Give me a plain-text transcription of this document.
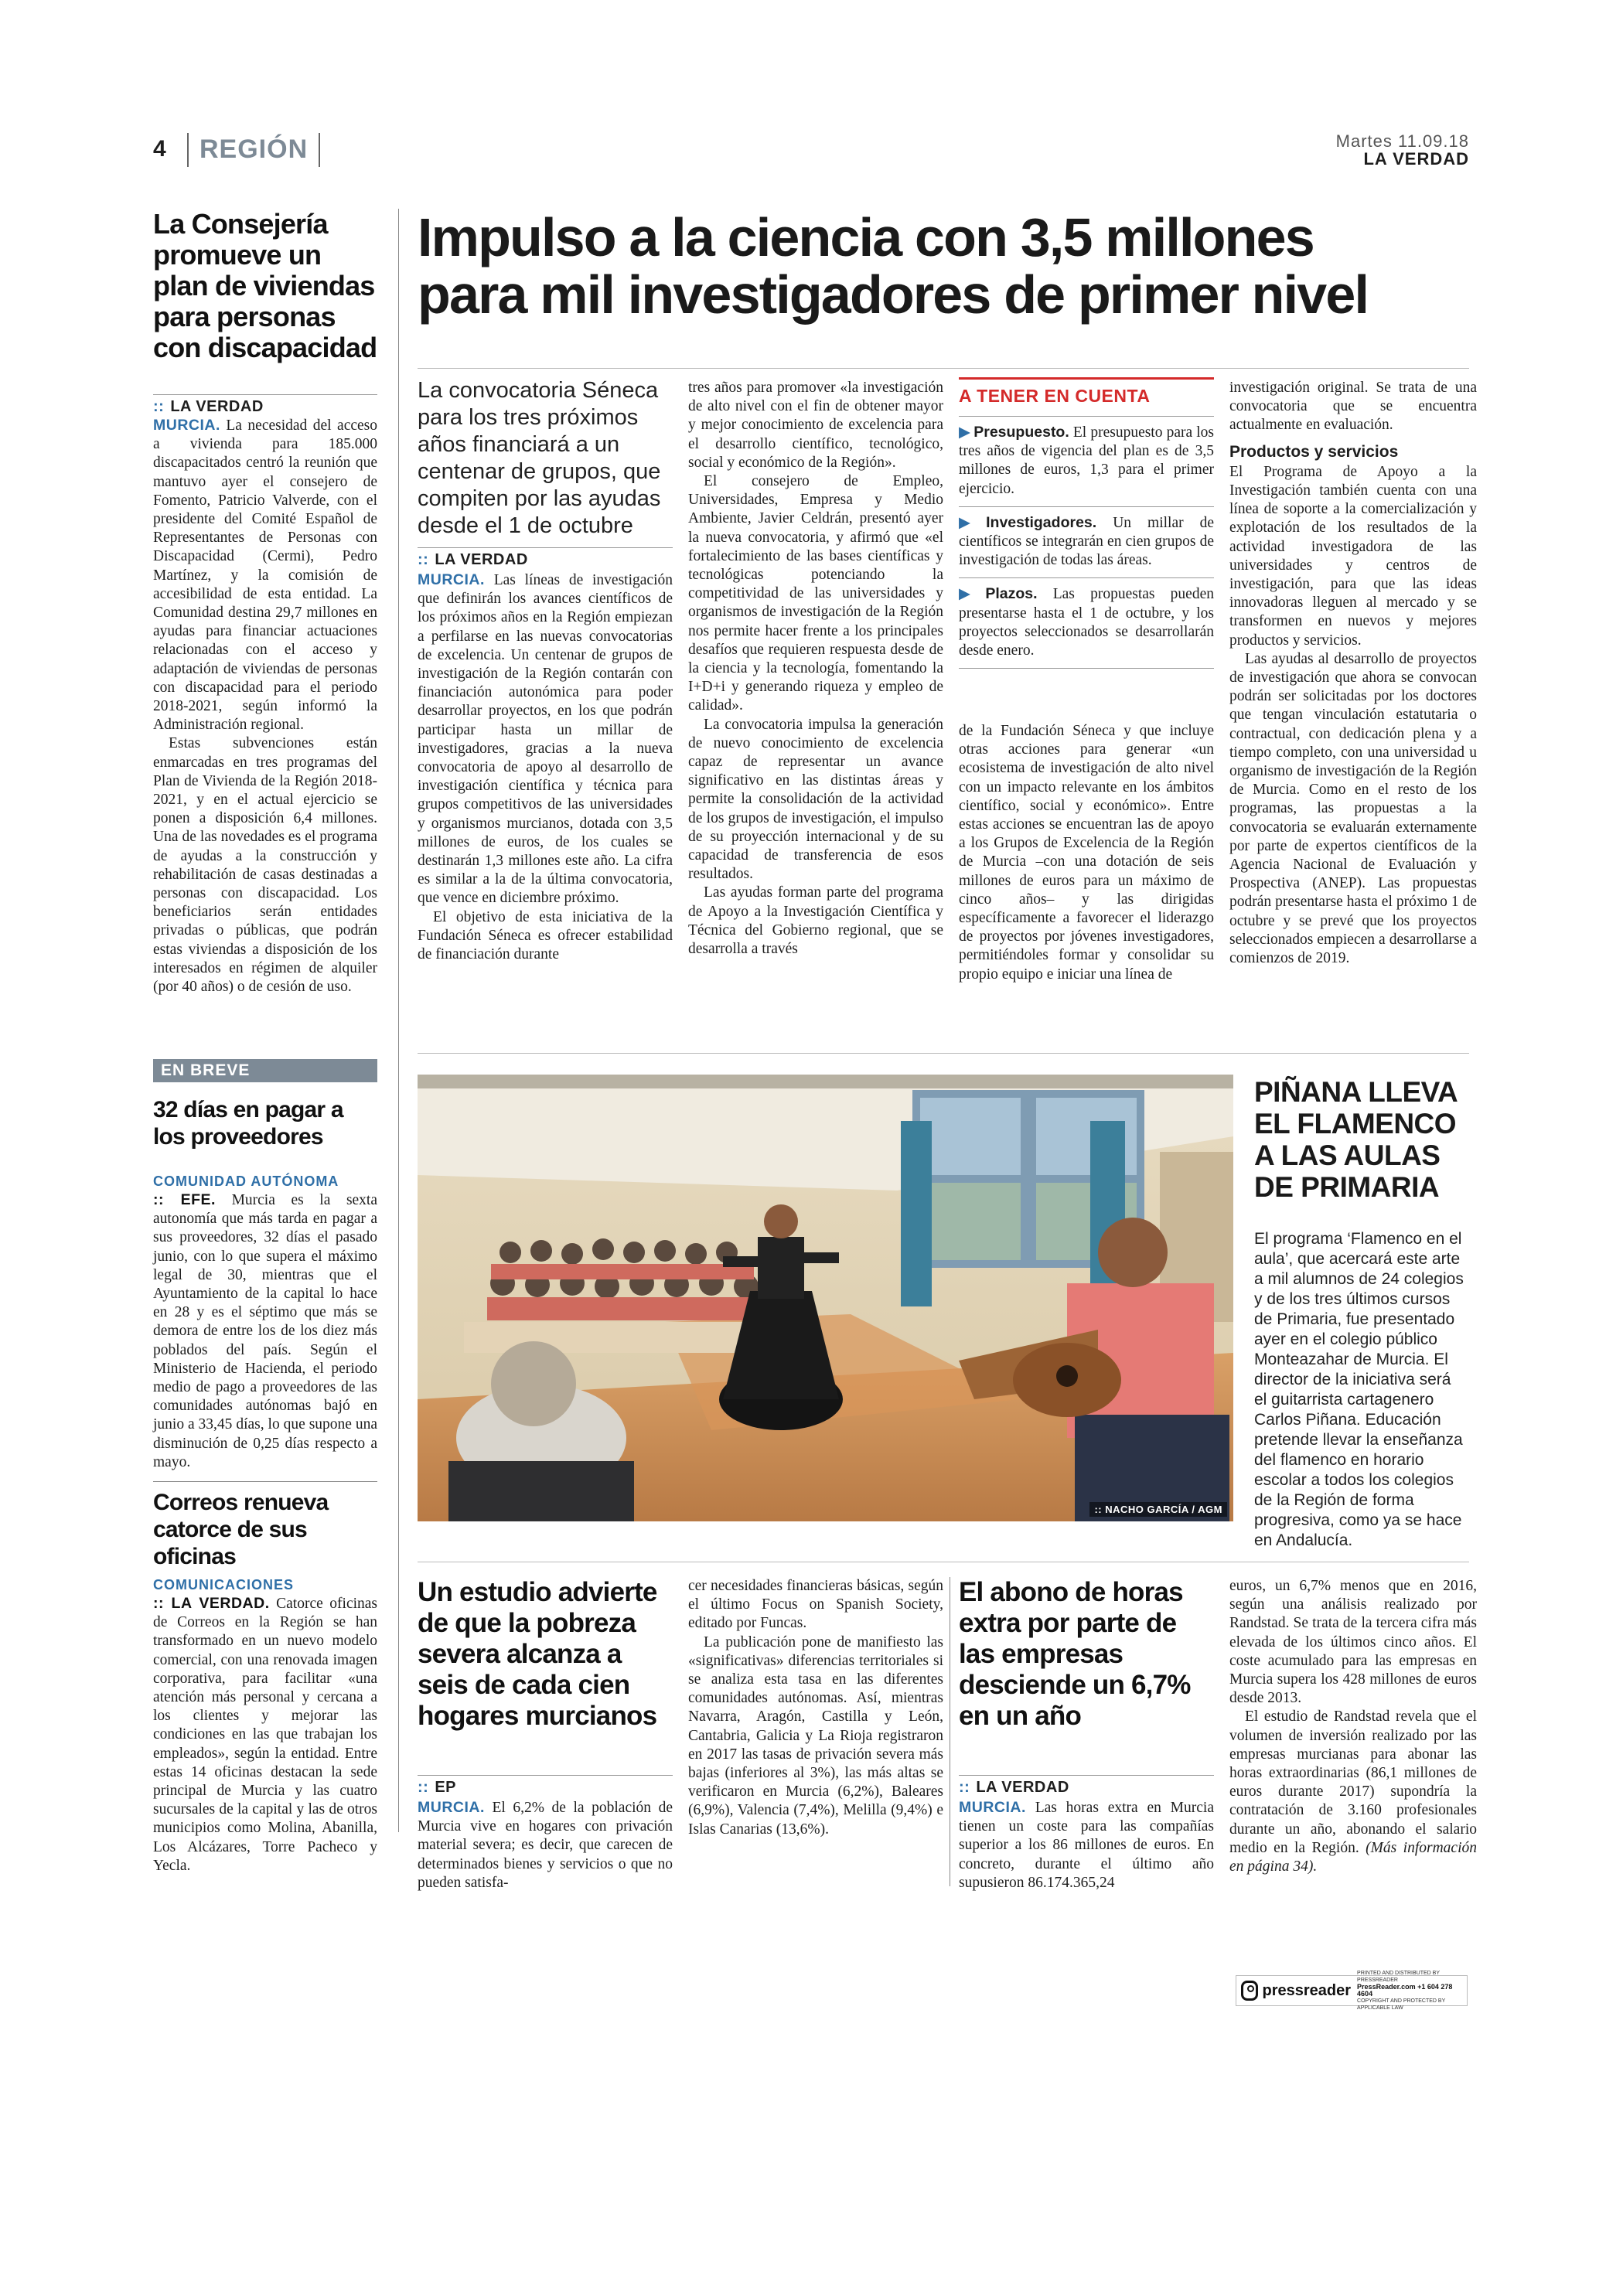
4 REGIÓN	Martes 11.09.18
LA VERDAD
La Consejería promueve un plan de viviendas para personas con discapacidad
:: LA VERDAD

MURCIA. La necesidad del acceso a vivienda para 185.000 discapacitados centró la reunión que mantuvo ayer el consejero de Fomento, Patricio Valverde, con el presidente del Comité Español de Representantes de Personas con Discapacidad (Cermi), Pedro Martínez, y la comisión de accesibilidad de esta entidad. La Comunidad destina 29,7 millones en ayudas para financiar actuaciones relacionadas con el acceso y adaptación de viviendas de personas con discapacidad para el periodo 2018-2021, según informó la Administración regional.

Estas subvenciones están enmarcadas en tres programas del Plan de Vivienda de la Región 2018-2021, y en el actual ejercicio se ponen a disposición 6,4 millones. Una de las novedades es el programa de ayudas a la construcción y rehabilitación de casas destinadas a personas con discapacidad. Los beneficiarios serán entidades privadas o públicas, que podrán estas viviendas a disposición de los interesados en régimen de alquiler (por 40 años) o de cesión de uso.

EN BREVE
32 días en pagar a los proveedores
COMUNIDAD AUTÓNOMA

:: EFE. Murcia es la sexta autonomía que más tarda en pagar a sus proveedores, 32 días el pasado junio, con lo que supera el máximo legal de 30, mientras que el Ayuntamiento de la capital lo hace en 28 y es el séptimo que más se demora de entre los de los diez más poblados del país. Según el Ministerio de Hacienda, el periodo medio de pago a proveedores de las comunidades autónomas bajó en junio a 33,45 días, lo que supone una disminución de 0,25 días respecto a mayo.

Correos renueva catorce de sus oficinas
COMUNICACIONES

:: LA VERDAD. Catorce oficinas de Correos en la Región se han transformado en un nuevo modelo comercial, con una renovada imagen corporativa, para facilitar «una atención más personal y cercana a los clientes y mejorar las condiciones en las que trabajan los empleados», según la entidad. Entre estas 14 oficinas destacan la sede principal de Murcia y las cuatro sucursales de la capital y las de otros municipios como Molina, Abanilla, Los Alcázares, Torre Pacheco y Yecla.

Impulso a la ciencia con 3,5 millones
para mil investigadores de primer nivel
La convocatoria Séneca para los tres próximos años financiará a un centenar de grupos, que compiten por las ayudas desde el 1 de octubre
:: LA VERDAD

MURCIA. Las líneas de investigación que definirán los avances científicos de los próximos años en la Región empiezan a perfilarse en las nuevas convocatorias de excelencia. Un centenar de grupos de investigación de la Región contarán con financiación autonómica para poder desarrollar proyectos, en los que podrán participar hasta un millar de investigadores, gracias a la nueva convocatoria de apoyo al desarrollo de investigación científica y técnica para grupos competitivos de las universidades y organismos murcianos, dotada con 3,5 millones de euros, de los cuales se destinarán 1,3 millones este año. La cifra es similar a la de la última convocatoria, que vence en diciembre próximo.

El objetivo de esta iniciativa de la Fundación Séneca es ofrecer estabilidad de financiación durante

tres años para promover «la investigación de alto nivel con el fin de obtener mayor y mejor conocimiento de excelencia para el desarrollo científico, tecnológico, social y económico de la Región».

El consejero de Empleo, Universidades, Empresa y Medio Ambiente, Javier Celdrán, presentó ayer la nueva convocatoria, y afirmó que «el fortalecimiento de las bases científicas y tecnológicas potenciando la competitividad de las universidades y organismos de investigación de la Región nos permite hacer frente a los principales desafíos que requieren respuesta desde de la ciencia y la tecnología, fomentando la I+D+i y generando riqueza y empleo de calidad».

La convocatoria impulsa la generación de nuevo conocimiento de excelencia capaz de representar un avance significativo en las distintas áreas y permite la consolidación de la actividad de los grupos de investigación, el impulso de su proyección internacional y de su capacidad de transferencia de esos resultados.

Las ayudas forman parte del programa de Apoyo a la Investigación Científica y Técnica del Gobierno regional, que se desarrolla a través

A TENER EN CUENTA
▶ Presupuesto. El presupuesto para los tres años de vigencia del plan es de 3,5 millones de euros, 1,3 para el primer ejercicio.
▶ Investigadores. Un millar de científicos se integrarán en cien grupos de investigación de todas las áreas.
▶ Plazos. Las propuestas pueden presentarse hasta el 1 de octubre, y los proyectos seleccionados se desarrollarán desde enero.

de la Fundación Séneca y que incluye otras acciones para generar «un ecosistema de investigación de alto nivel con un impacto relevante en los ámbitos científico, social y económico». Entre estas acciones se encuentran las de apoyo a los Grupos de Excelencia de la Región de Murcia –con una dotación de seis millones de euros para un máximo de cinco años– y las dirigidas específicamente a favorecer el liderazgo de proyectos por jóvenes investigadores, permitiéndoles formar y consolidar su propio equipo e iniciar una línea de

investigación original. Se trata de una convocatoria que se encuentra actualmente en evaluación.

Productos y servicios

El Programa de Apoyo a la Investigación también cuenta con una línea de soporte a la comercialización y explotación de los resultados de la actividad investigadora de las universidades y centros de investigación, para que las ideas innovadoras lleguen al mercado y se transformen en nuevos y mejores productos y servicios.

Las ayudas al desarrollo de proyectos de investigación que ahora se convocan podrán ser solicitadas por los doctores que tengan vinculación estatutaria o contractual, con dedicación plena y a tiempo completo, con una universidad u organismo de investigación de la Región de Murcia. Como en el resto de los programas, las propuestas a la convocatoria se evaluarán externamente por parte de expertos científicos de la Agencia Nacional de Evaluación y Prospectiva (ANEP). Las propuestas podrán presentarse hasta el próximo 1 de octubre y se prevé que los proyectos seleccionados empiecen a desarrollarse a comienzos de 2019.

:: NACHO GARCÍA / AGM
PIÑANA LLEVA EL FLAMENCO A LAS AULAS DE PRIMARIA
El programa ‘Flamenco en el aula’, que acercará este arte a mil alumnos de 24 colegios y de los tres últimos cursos de Primaria, fue presentado ayer en el colegio público Monteazahar de Murcia. El director de la iniciativa será el guitarrista cartagenero Carlos Piñana. Educación pretende llevar la enseñanza del flamenco en horario escolar a todos los colegios de la Región de forma progresiva, como ya se hace en Andalucía.
Un estudio advierte de que la pobreza severa alcanza a seis de cada cien hogares murcianos
:: EP

MURCIA. El 6,2% de la población de Murcia vive en hogares con privación material severa; es decir, que carecen de determinados bienes y servicios o que no pueden satisfa-

cer necesidades financieras básicas, según el último Focus on Spanish Society, editado por Funcas.

La publicación pone de manifiesto las «significativas» diferencias territoriales si se analiza esta tasa en las diferentes comunidades autónomas. Así, mientras Navarra, Aragón, Castilla y León, Cantabria, Galicia y La Rioja registraron en 2017 las tasas de privación severa más bajas (inferiores al 3%), las más altas se verificaron en Murcia (6,2%), Baleares (6,9%), Valencia (7,4%), Melilla (9,4%) e Islas Canarias (13,6%).

El abono de horas extra por parte de las empresas desciende un 6,7% en un año
:: LA VERDAD

MURCIA. Las horas extra en Murcia tienen un coste para las compañías superior a los 86 millones de euros. En concreto, durante el último año supusieron 86.174.365,24

euros, un 6,7% menos que en 2016, según una análisis realizado por Randstad. Se trata de la tercera cifra más elevada de los últimos cinco años. El coste acumulado para las empresas en Murcia supera los 428 millones de euros desde 2013.

El estudio de Randstad revela que el volumen de inversión realizado por las empresas murcianas para abonar las horas extraordinarias (86,1 millones de euros durante 2017) supondría la contratación de 3.160 profesionales durante un año, abonando el salario medio en la Región. (Más información en página 34).

pressreader
PRINTED AND DISTRIBUTED BY PRESSREADER
PressReader.com +1 604 278 4604
COPYRIGHT AND PROTECTED BY APPLICABLE LAW
